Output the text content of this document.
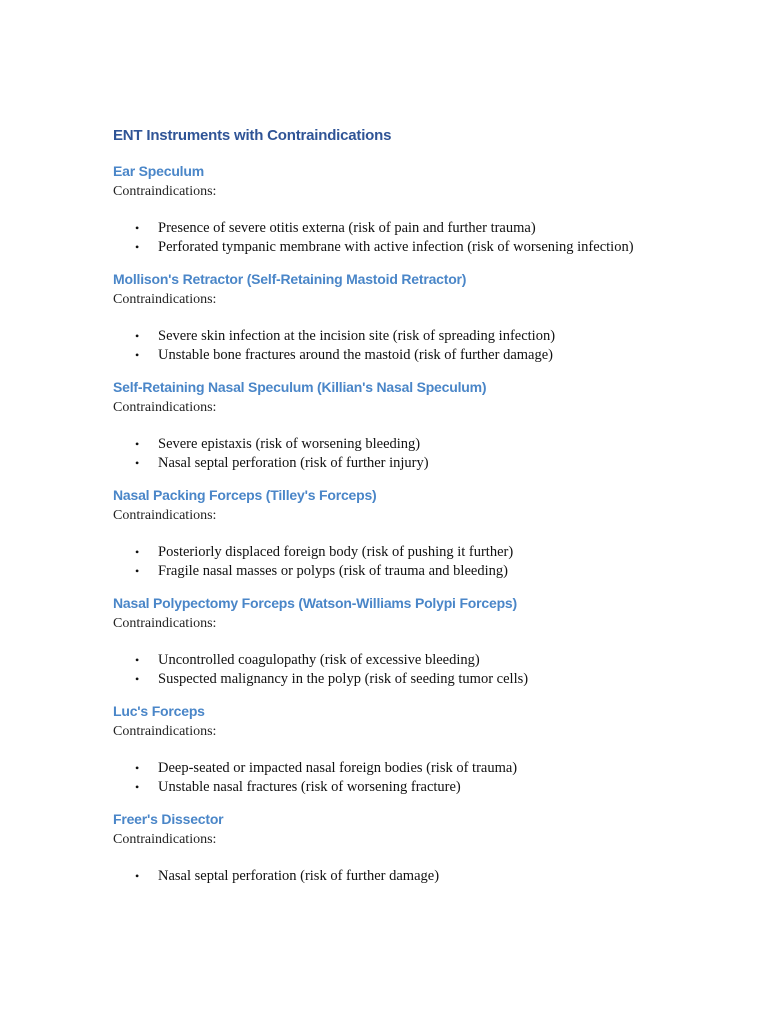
ENT Instruments with Contraindications
Ear Speculum

Contraindications:

• Presence of severe otitis externa (risk of pain and further trauma)
• Perforated tympanic membrane with active infection (risk of worsening infection)
Mollison's Retractor (Self-Retaining Mastoid Retractor)

Contraindications:

• Severe skin infection at the incision site (risk of spreading infection)
• Unstable bone fractures around the mastoid (risk of further damage)
Self-Retaining Nasal Speculum (Killian's Nasal Speculum)

Contraindications:

• Severe epistaxis (risk of worsening bleeding)
• Nasal septal perforation (risk of further injury)
Nasal Packing Forceps (Tilley's Forceps)

Contraindications:

• Posteriorly displaced foreign body (risk of pushing it further)
• Fragile nasal masses or polyps (risk of trauma and bleeding)
Nasal Polypectomy Forceps (Watson-Williams Polypi Forceps)

Contraindications:

• Uncontrolled coagulopathy (risk of excessive bleeding)
• Suspected malignancy in the polyp (risk of seeding tumor cells)
Luc's Forceps

Contraindications:

• Deep-seated or impacted nasal foreign bodies (risk of trauma)
• Unstable nasal fractures (risk of worsening fracture)
Freer's Dissector

Contraindications:

• Nasal septal perforation (risk of further damage)
